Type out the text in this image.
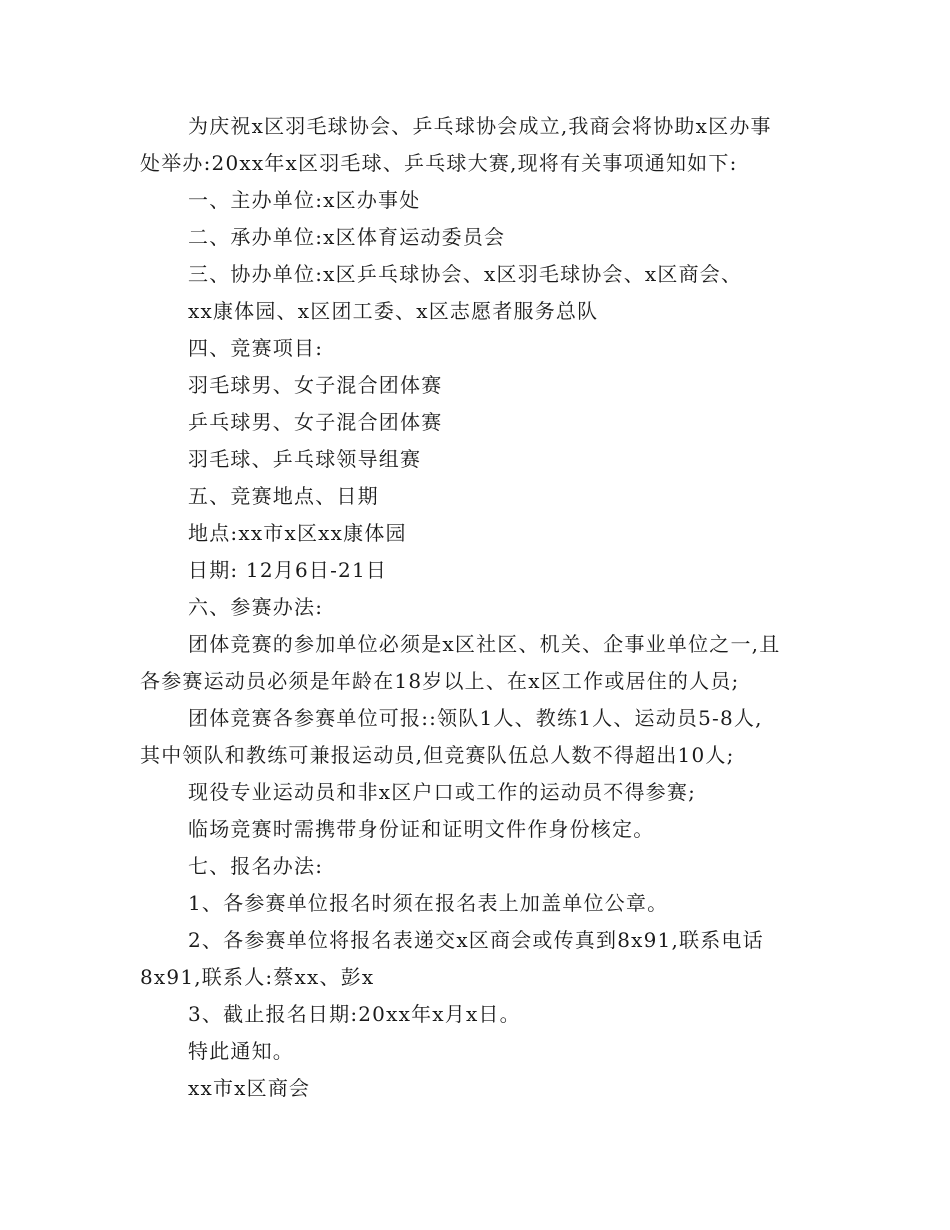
为庆祝x区羽毛球协会、乒乓球协会成立,我商会将协助x区办事
处举办:20xx年x区羽毛球、乒乓球大赛,现将有关事项通知如下:
一、主办单位:x区办事处
二、承办单位:x区体育运动委员会
三、协办单位:x区乒乓球协会、x区羽毛球协会、x区商会、
xx康体园、x区团工委、x区志愿者服务总队
四、竞赛项目:
羽毛球男、女子混合团体赛
乒乓球男、女子混合团体赛
羽毛球、乒乓球领导组赛
五、竞赛地点、日期
地点:xx市x区xx康体园
日期: 12月6日-21日
六、参赛办法:
团体竞赛的参加单位必须是x区社区、机关、企事业单位之一,且
各参赛运动员必须是年龄在18岁以上、在x区工作或居住的人员;
团体竞赛各参赛单位可报::领队1人、教练1人、运动员5-8人,
其中领队和教练可兼报运动员,但竞赛队伍总人数不得超出10人;
现役专业运动员和非x区户口或工作的运动员不得参赛;
临场竞赛时需携带身份证和证明文件作身份核定。
七、报名办法:
1、各参赛单位报名时须在报名表上加盖单位公章。
2、各参赛单位将报名表递交x区商会或传真到8x91,联系电话
8x91,联系人:蔡xx、彭x
3、截止报名日期:20xx年x月x日。
特此通知。
xx市x区商会
